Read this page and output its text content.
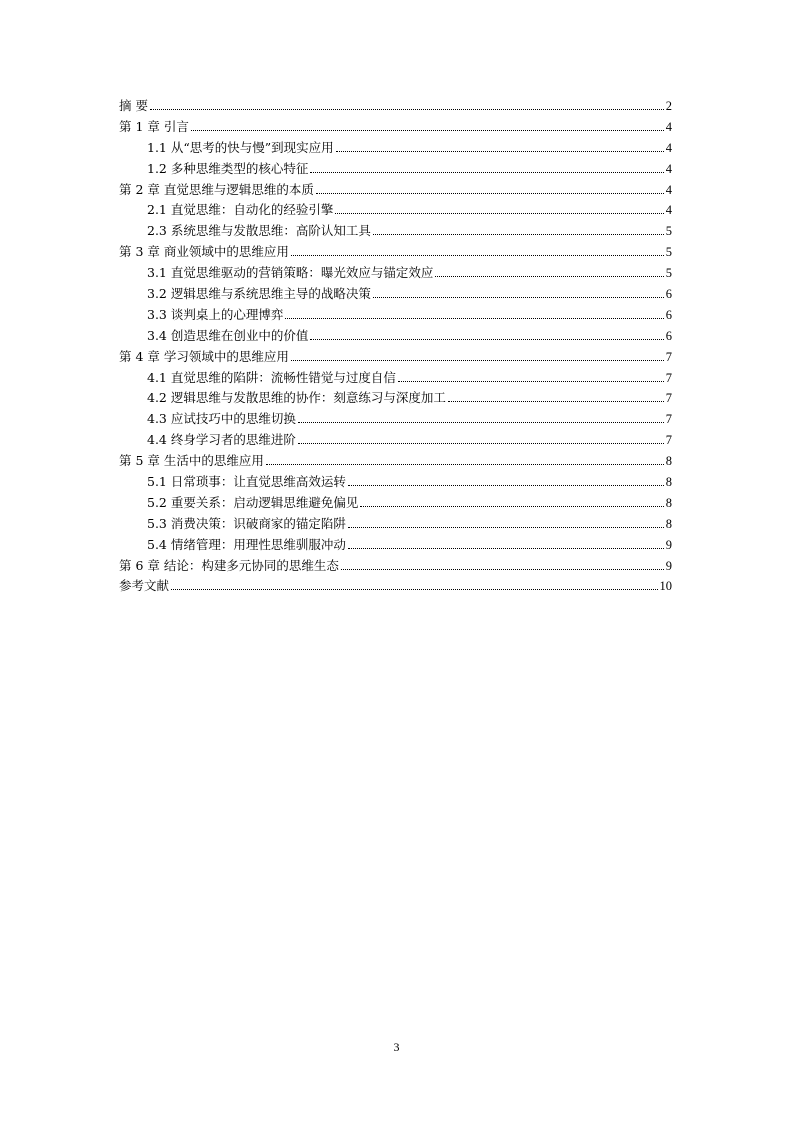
摘 要	2
第 1 章 引言	4
1.1 从“思考的快与慢”到现实应用	4
1.2 多种思维类型的核心特征	4
第 2 章 直觉思维与逻辑思维的本质	4
2.1 直觉思维：自动化的经验引擎	4
2.3 系统思维与发散思维：高阶认知工具	5
第 3 章 商业领域中的思维应用	5
3.1 直觉思维驱动的营销策略：曝光效应与锚定效应	5
3.2 逻辑思维与系统思维主导的战略决策	6
3.3 谈判桌上的心理博弈	6
3.4 创造思维在创业中的价值	6
第 4 章 学习领域中的思维应用	7
4.1 直觉思维的陷阱：流畅性错觉与过度自信	7
4.2 逻辑思维与发散思维的协作：刻意练习与深度加工	7
4.3 应试技巧中的思维切换	7
4.4 终身学习者的思维进阶	7
第 5 章 生活中的思维应用	8
5.1 日常琐事：让直觉思维高效运转	8
5.2 重要关系：启动逻辑思维避免偏见	8
5.3 消费决策：识破商家的锚定陷阱	8
5.4 情绪管理：用理性思维驯服冲动	9
第 6 章 结论：构建多元协同的思维生态	9
参考文献	10
3
